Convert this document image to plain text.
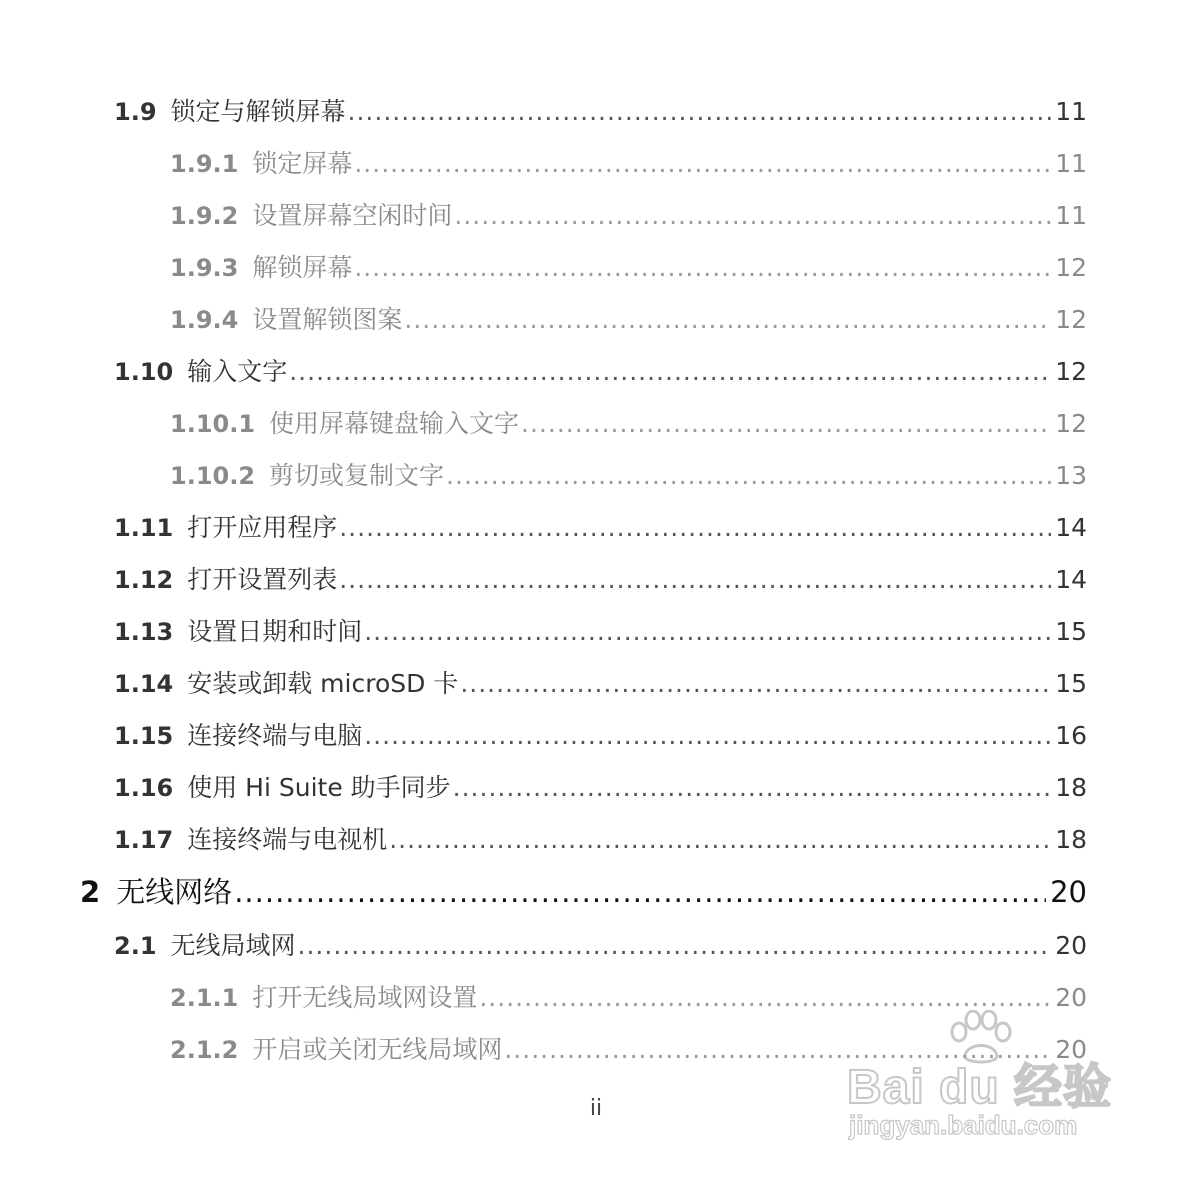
1.9 锁定与解锁屏幕 .....	11
1.9.1 锁定屏幕 .....	11
1.9.2 设置屏幕空闲时间 .....	11
1.9.3 解锁屏幕 .....	12
1.9.4 设置解锁图案 .....	12
1.10 输入文字 .....	12
1.10.1 使用屏幕键盘输入文字 .....	12
1.10.2 剪切或复制文字 .....	13
1.11 打开应用程序 .....	14
1.12 打开设置列表 .....	14
1.13 设置日期和时间 .....	15
1.14 安装或卸载 microSD 卡 .....	15
1.15 连接终端与电脑 .....	16
1.16 使用 Hi Suite 助手同步 .....	18
1.17 连接终端与电视机 .....	18
2 无线网络 .....	20
2.1 无线局域网 .....	20
2.1.1 打开无线局域网设置 .....	20
2.1.2 开启或关闭无线局域网 .....	20
ii	Bai du 经验
jingyan.baidu.com
